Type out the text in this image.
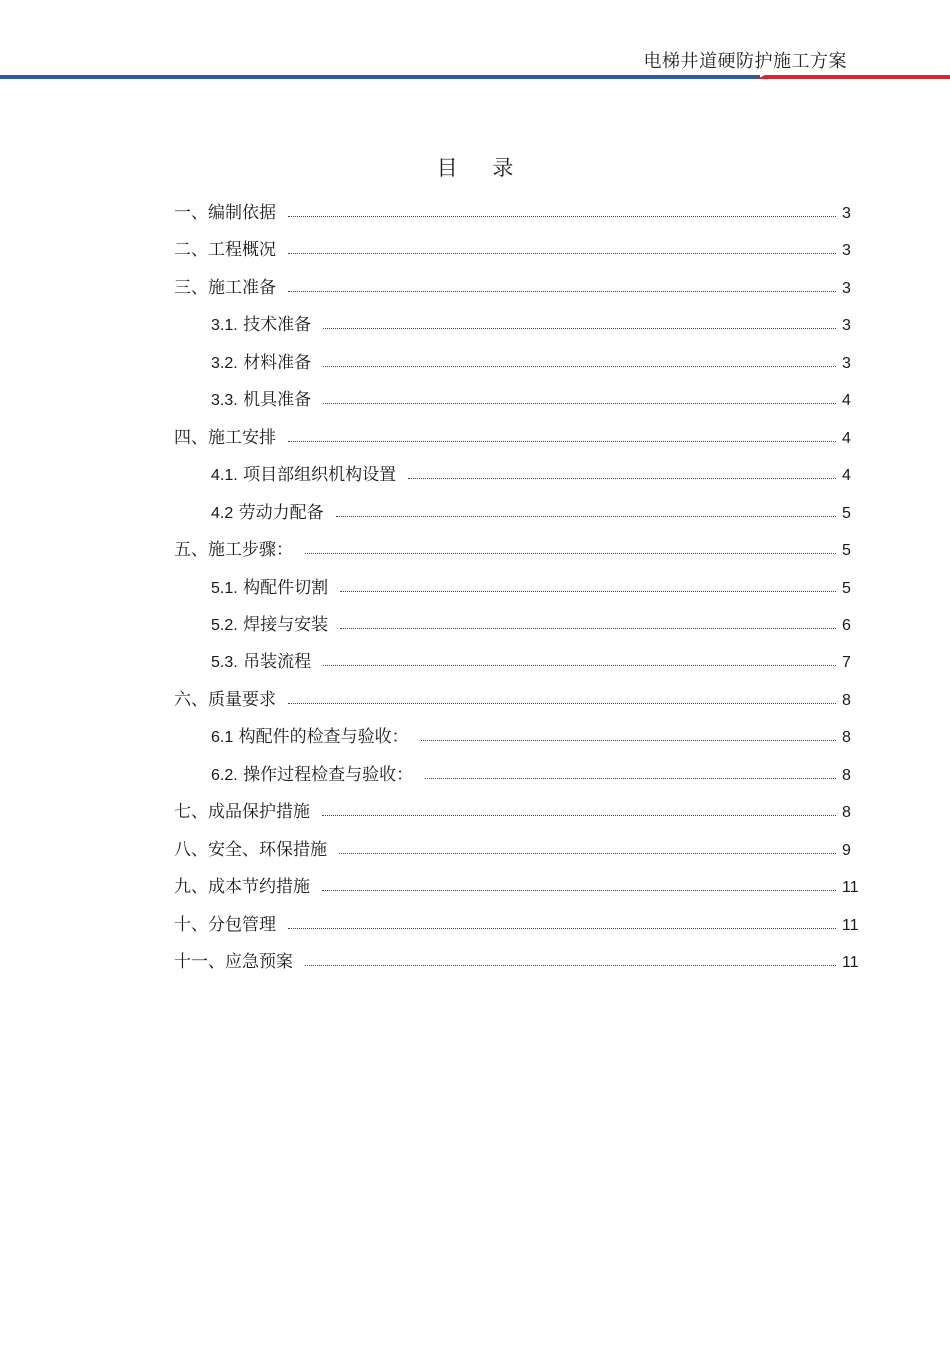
电梯井道硬防护施工方案
目 录
一、编制依据	3
二、工程概况	3
三、施工准备	3
3.1. 技术准备	3
3.2. 材料准备	3
3.3. 机具准备	4
四、施工安排	4
4.1. 项目部组织机构设置	4
4.2 劳动力配备	5
五、施工步骤：	5
5.1. 构配件切割	5
5.2. 焊接与安装	6
5.3. 吊装流程	7
六、质量要求	8
6.1 构配件的检查与验收：	8
6.2. 操作过程检查与验收：	8
七、成品保护措施	8
八、安全、环保措施	9
九、成本节约措施	11
十、分包管理	11
十一、应急预案	11
